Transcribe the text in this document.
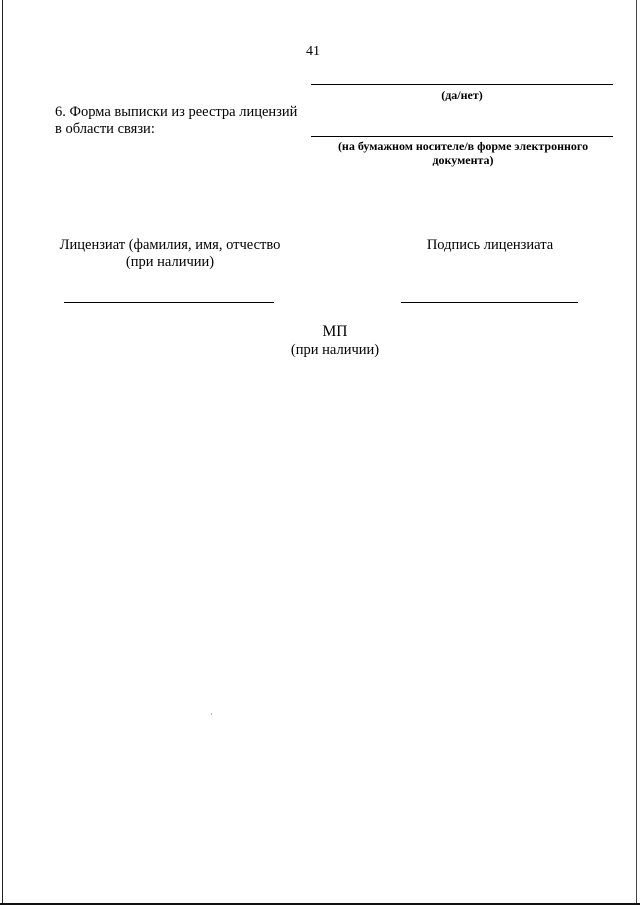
41
(да/нет)
6. Форма выписки из реестра лицензий
в области связи:
(на бумажном носителе/в форме электронного
документа)
Лицензиат (фамилия, имя, отчество
(при наличии)
Подпись лицензиата
МП
(при наличии)
